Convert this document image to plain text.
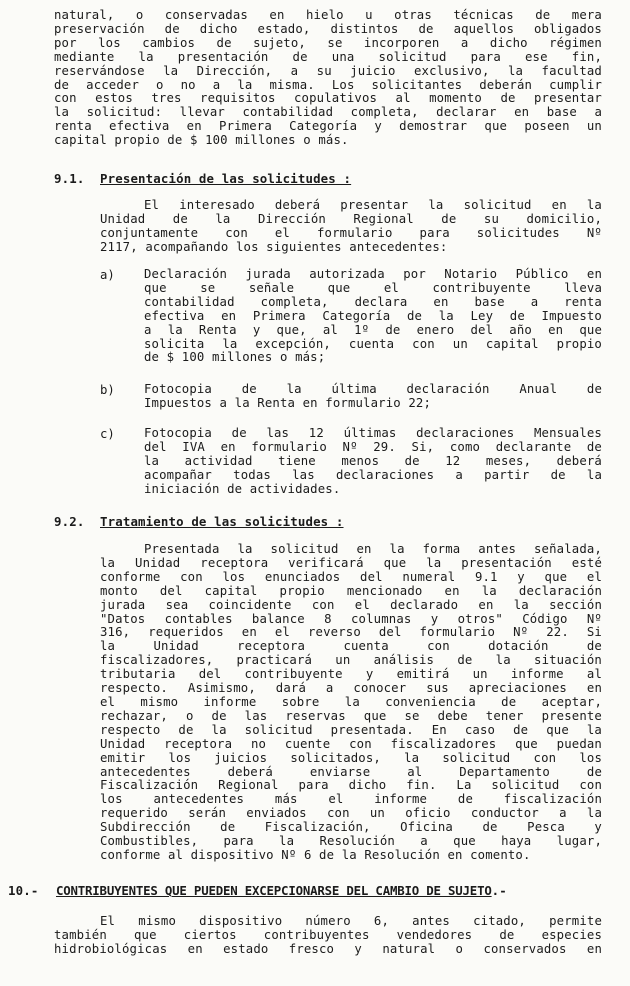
natural, o conservadas en hielo u otras técnicas de mera
preservación de dicho estado, distintos de aquellos obligados
por los cambios de sujeto, se incorporen a dicho régimen
mediante la presentación de una solicitud para ese fin,
reservándose la Dirección, a su juicio exclusivo, la facultad
de acceder o no a la misma. Los solicitantes deberán cumplir
con estos tres requisitos copulativos al momento de presentar
la solicitud: llevar contabilidad completa, declarar en base a
renta efectiva en Primera Categoría y demostrar que poseen un
capital propio de $ 100 millones o más.
9.1. Presentación de las solicitudes :
El interesado deberá presentar la solicitud en la
Unidad de la Dirección Regional de su domicilio,
conjuntamente con el formulario para solicitudes Nº
2117, acompañando los siguientes antecedentes:
a) Declaración jurada autorizada por Notario Público en
que se señale que el contribuyente lleva
contabilidad completa, declara en base a renta
efectiva en Primera Categoría de la Ley de Impuesto
a la Renta y que, al 1º de enero del año en que
solicita la excepción, cuenta con un capital propio
de $ 100 millones o más;
b) Fotocopia de la última declaración Anual de
Impuestos a la Renta en formulario 22;
c) Fotocopia de las 12 últimas declaraciones Mensuales
del IVA en formulario Nº 29. Si, como declarante de
la actividad tiene menos de 12 meses, deberá
acompañar todas las declaraciones a partir de la
iniciación de actividades.
9.2. Tratamiento de las solicitudes :
Presentada la solicitud en la forma antes señalada,
la Unidad receptora verificará que la presentación esté
conforme con los enunciados del numeral 9.1 y que el
monto del capital propio mencionado en la declaración
jurada sea coincidente con el declarado en la sección
"Datos contables balance 8 columnas y otros" Código Nº
316, requeridos en el reverso del formulario Nº 22. Si
la Unidad receptora cuenta con dotación de
fiscalizadores, practicará un análisis de la situación
tributaria del contribuyente y emitirá un informe al
respecto. Asimismo, dará a conocer sus apreciaciones en
el mismo informe sobre la conveniencia de aceptar,
rechazar, o de las reservas que se debe tener presente
respecto de la solicitud presentada. En caso de que la
Unidad receptora no cuente con fiscalizadores que puedan
emitir los juicios solicitados, la solicitud con los
antecedentes deberá enviarse al Departamento de
Fiscalización Regional para dicho fin. La solicitud con
los antecedentes más el informe de fiscalización
requerido serán enviados con un oficio conductor a la
Subdirección de Fiscalización, Oficina de Pesca y
Combustibles, para la Resolución a que haya lugar,
conforme al dispositivo Nº 6 de la Resolución en comento.
10.- CONTRIBUYENTES QUE PUEDEN EXCEPCIONARSE DEL CAMBIO DE SUJETO.-
El mismo dispositivo número 6, antes citado, permite
también que ciertos contribuyentes vendedores de especies
hidrobiológicas en estado fresco y natural o conservados en
